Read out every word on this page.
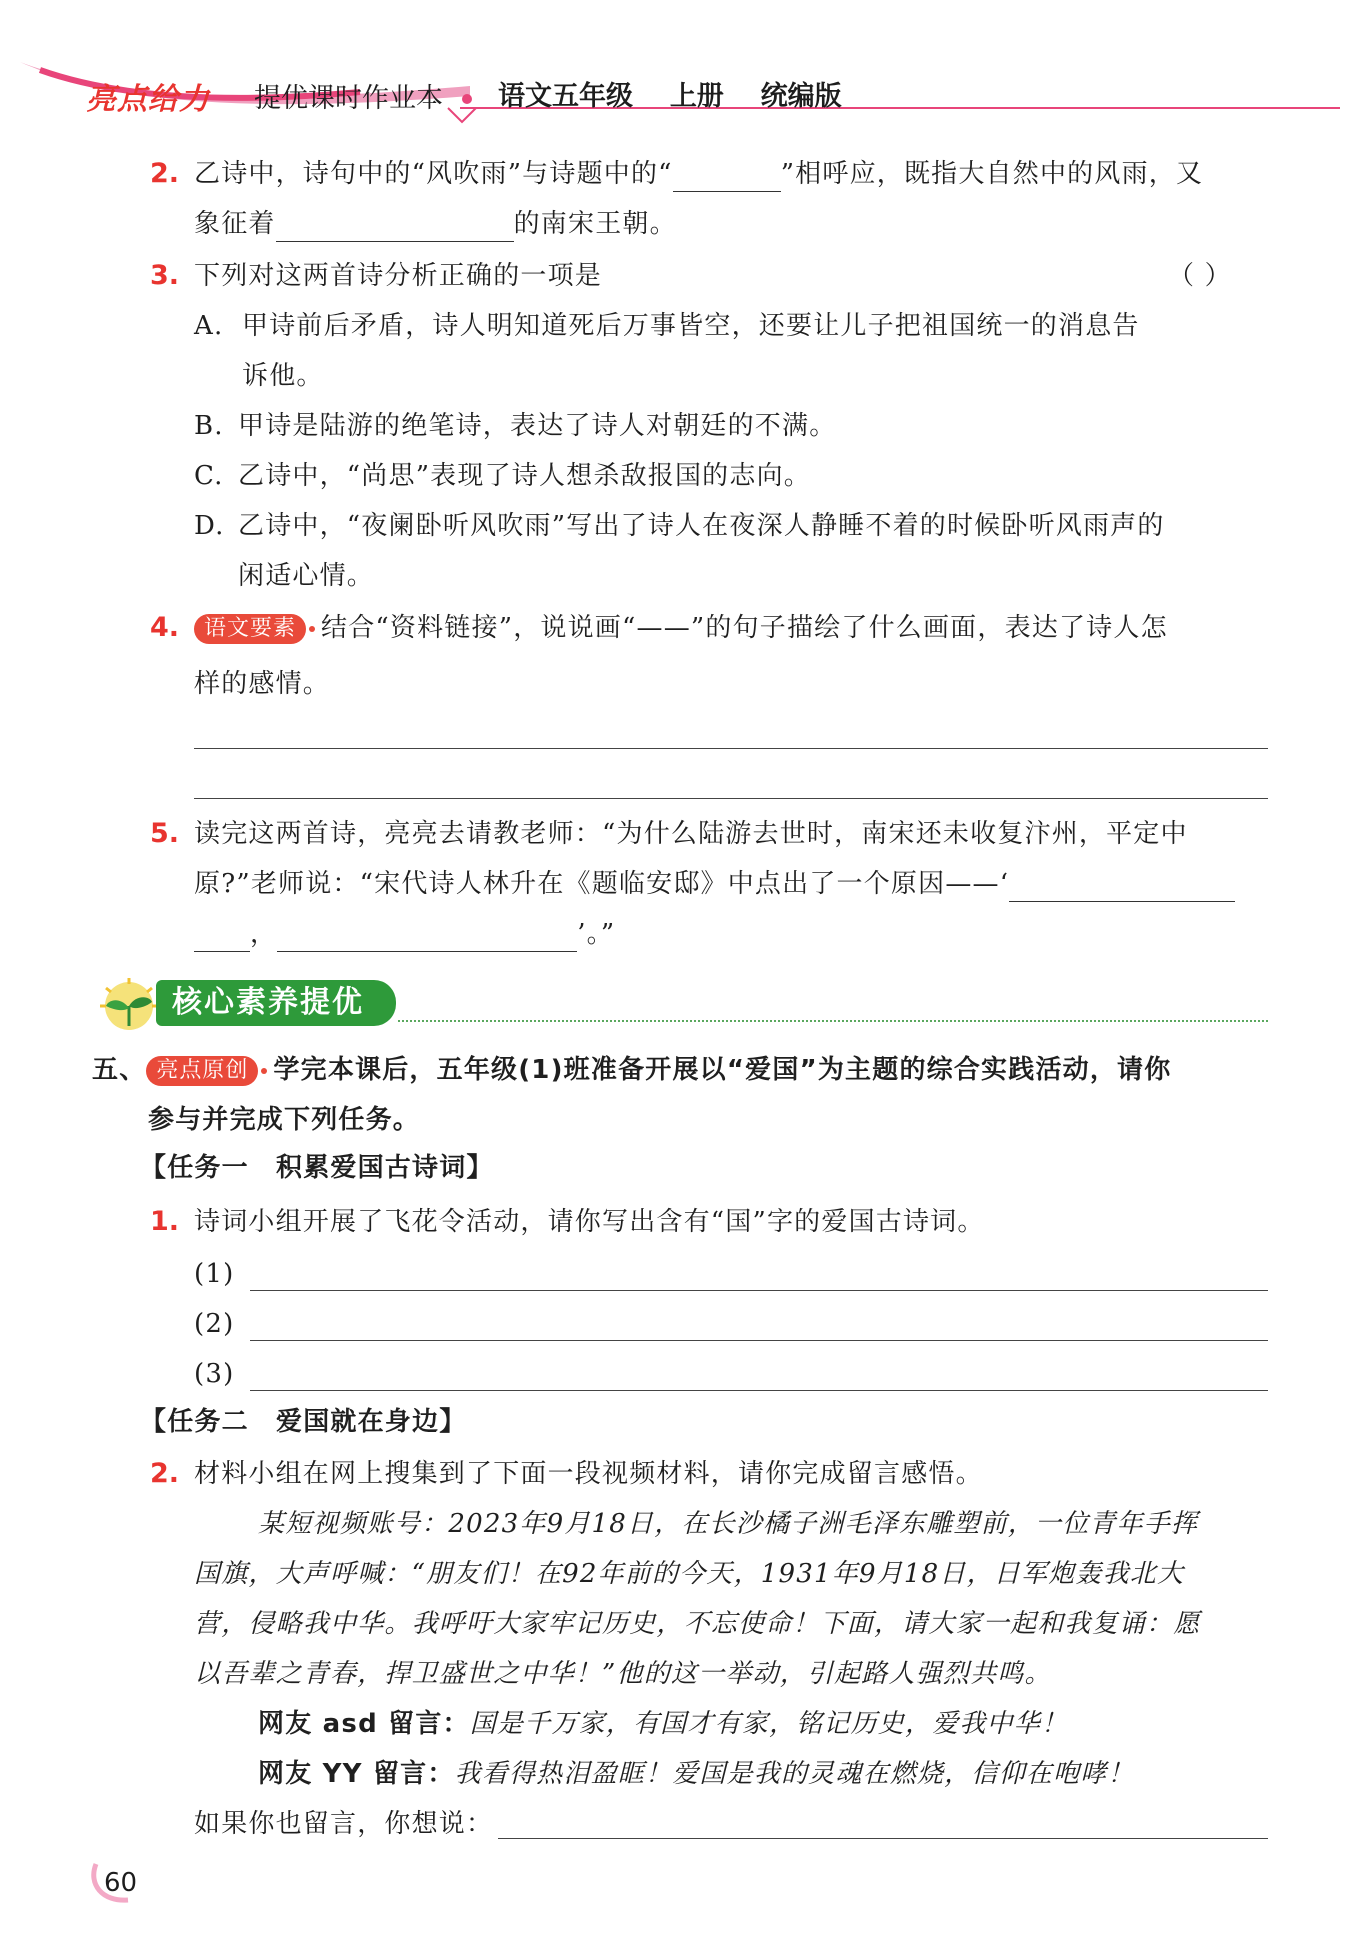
亮点给力 提优课时作业本 语文五年级 上册 统编版
2. 乙诗中，诗句中的“风吹雨”与诗题中的“	”相呼应，既指大自然中的风雨，又
象征着	的南宋王朝。
3. 下列对这两首诗分析正确的一项是	（ ）
A. 甲诗前后矛盾，诗人明知道死后万事皆空，还要让儿子把祖国统一的消息告
诉他。
B. 甲诗是陆游的绝笔诗，表达了诗人对朝廷的不满。
C. 乙诗中，“尚思”表现了诗人想杀敌报国的志向。
D. 乙诗中，“夜阑卧听风吹雨”写出了诗人在夜深人静睡不着的时候卧听风雨声的
闲适心情。
4.	语文要素 结合“资料链接”，说说画“——”的句子描绘了什么画面，表达了诗人怎
样的感情。
5. 读完这两首诗，亮亮去请教老师：“为什么陆游去世时，南宋还未收复汴州，平定中
原?”老师说：“宋代诗人林升在《题临安邸》中点出了一个原因——‘
，	’。”
核心素养提优
五、 亮点原创 学完本课后，五年级(1)班准备开展以“爱国”为主题的综合实践活动，请你
参与并完成下列任务。
【任务一　积累爱国古诗词】
1. 诗词小组开展了飞花令活动，请你写出含有“国”字的爱国古诗词。
(1)
(2)
(3)
【任务二　爱国就在身边】
2. 材料小组在网上搜集到了下面一段视频材料，请你完成留言感悟。
某短视频账号：2023年9月18日，在长沙橘子洲毛泽东雕塑前，一位青年手挥
国旗，大声呼喊：“朋友们！在92年前的今天，1931年9月18日，日军炮轰我北大
营，侵略我中华。我呼吁大家牢记历史，不忘使命！下面，请大家一起和我复诵：愿
以吾辈之青春，捍卫盛世之中华！”他的这一举动，引起路人强烈共鸣。
网友 asd 留言：国是千万家，有国才有家，铭记历史，爱我中华！
网友 YY 留言：我看得热泪盈眶！爱国是我的灵魂在燃烧，信仰在咆哮！
如果你也留言，你想说：
60
